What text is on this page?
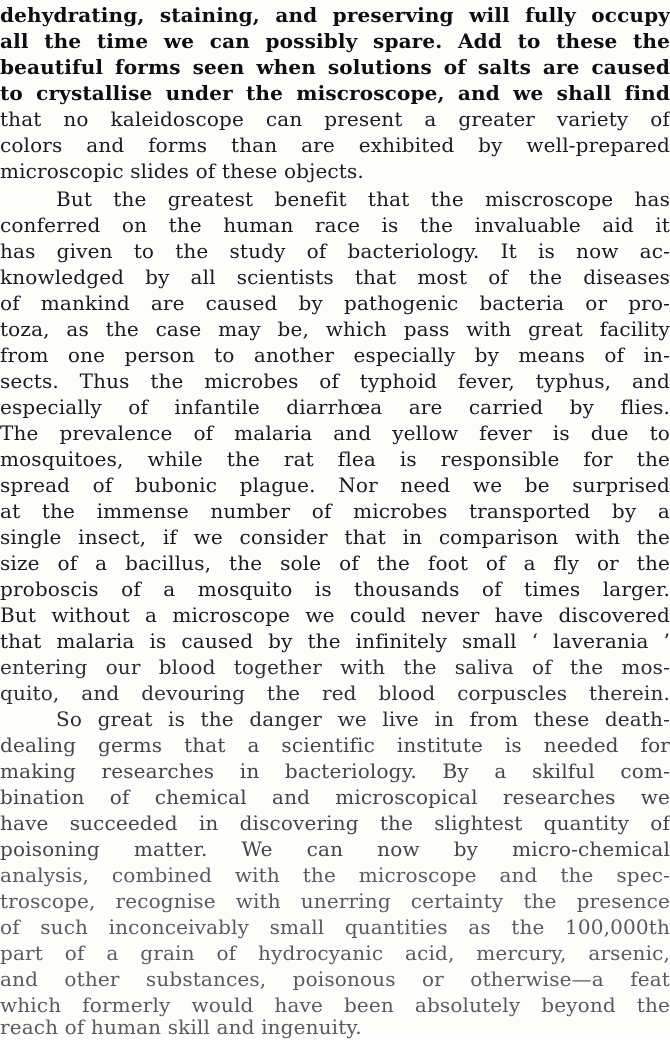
dehydrating, staining, and preserving will fully occupy
all the time we can possibly spare. Add to these the
beautiful forms seen when solutions of salts are caused
to crystallise under the miscroscope, and we shall find
that no kaleidoscope can present a greater variety of
colors and forms than are exhibited by well-prepared
microscopic slides of these objects.
But the greatest benefit that the miscroscope has
conferred on the human race is the invaluable aid it
has given to the study of bacteriology. It is now ac-
knowledged by all scientists that most of the diseases
of mankind are caused by pathogenic bacteria or pro-
toza, as the case may be, which pass with great facility
from one person to another especially by means of in-
sects. Thus the microbes of typhoid fever, typhus, and
especially of infantile diarrhœa are carried by flies.
The prevalence of malaria and yellow fever is due to
mosquitoes, while the rat flea is responsible for the
spread of bubonic plague. Nor need we be surprised
at the immense number of microbes transported by a
single insect, if we consider that in comparison with the
size of a bacillus, the sole of the foot of a fly or the
proboscis of a mosquito is thousands of times larger.
But without a microscope we could never have discovered
that malaria is caused by the infinitely small ‘ laverania ’
entering our blood together with the saliva of the mos-
quito, and devouring the red blood corpuscles therein.
So great is the danger we live in from these death-
dealing germs that a scientific institute is needed for
making researches in bacteriology. By a skilful com-
bination of chemical and microscopical researches we
have succeeded in discovering the slightest quantity of
poisoning matter. We can now by micro-chemical
analysis, combined with the microscope and the spec-
troscope, recognise with unerring certainty the presence
of such inconceivably small quantities as the 100,000th
part of a grain of hydrocyanic acid, mercury, arsenic,
and other substances, poisonous or otherwise—a feat
which formerly would have been absolutely beyond the
reach of human skill and ingenuity.
